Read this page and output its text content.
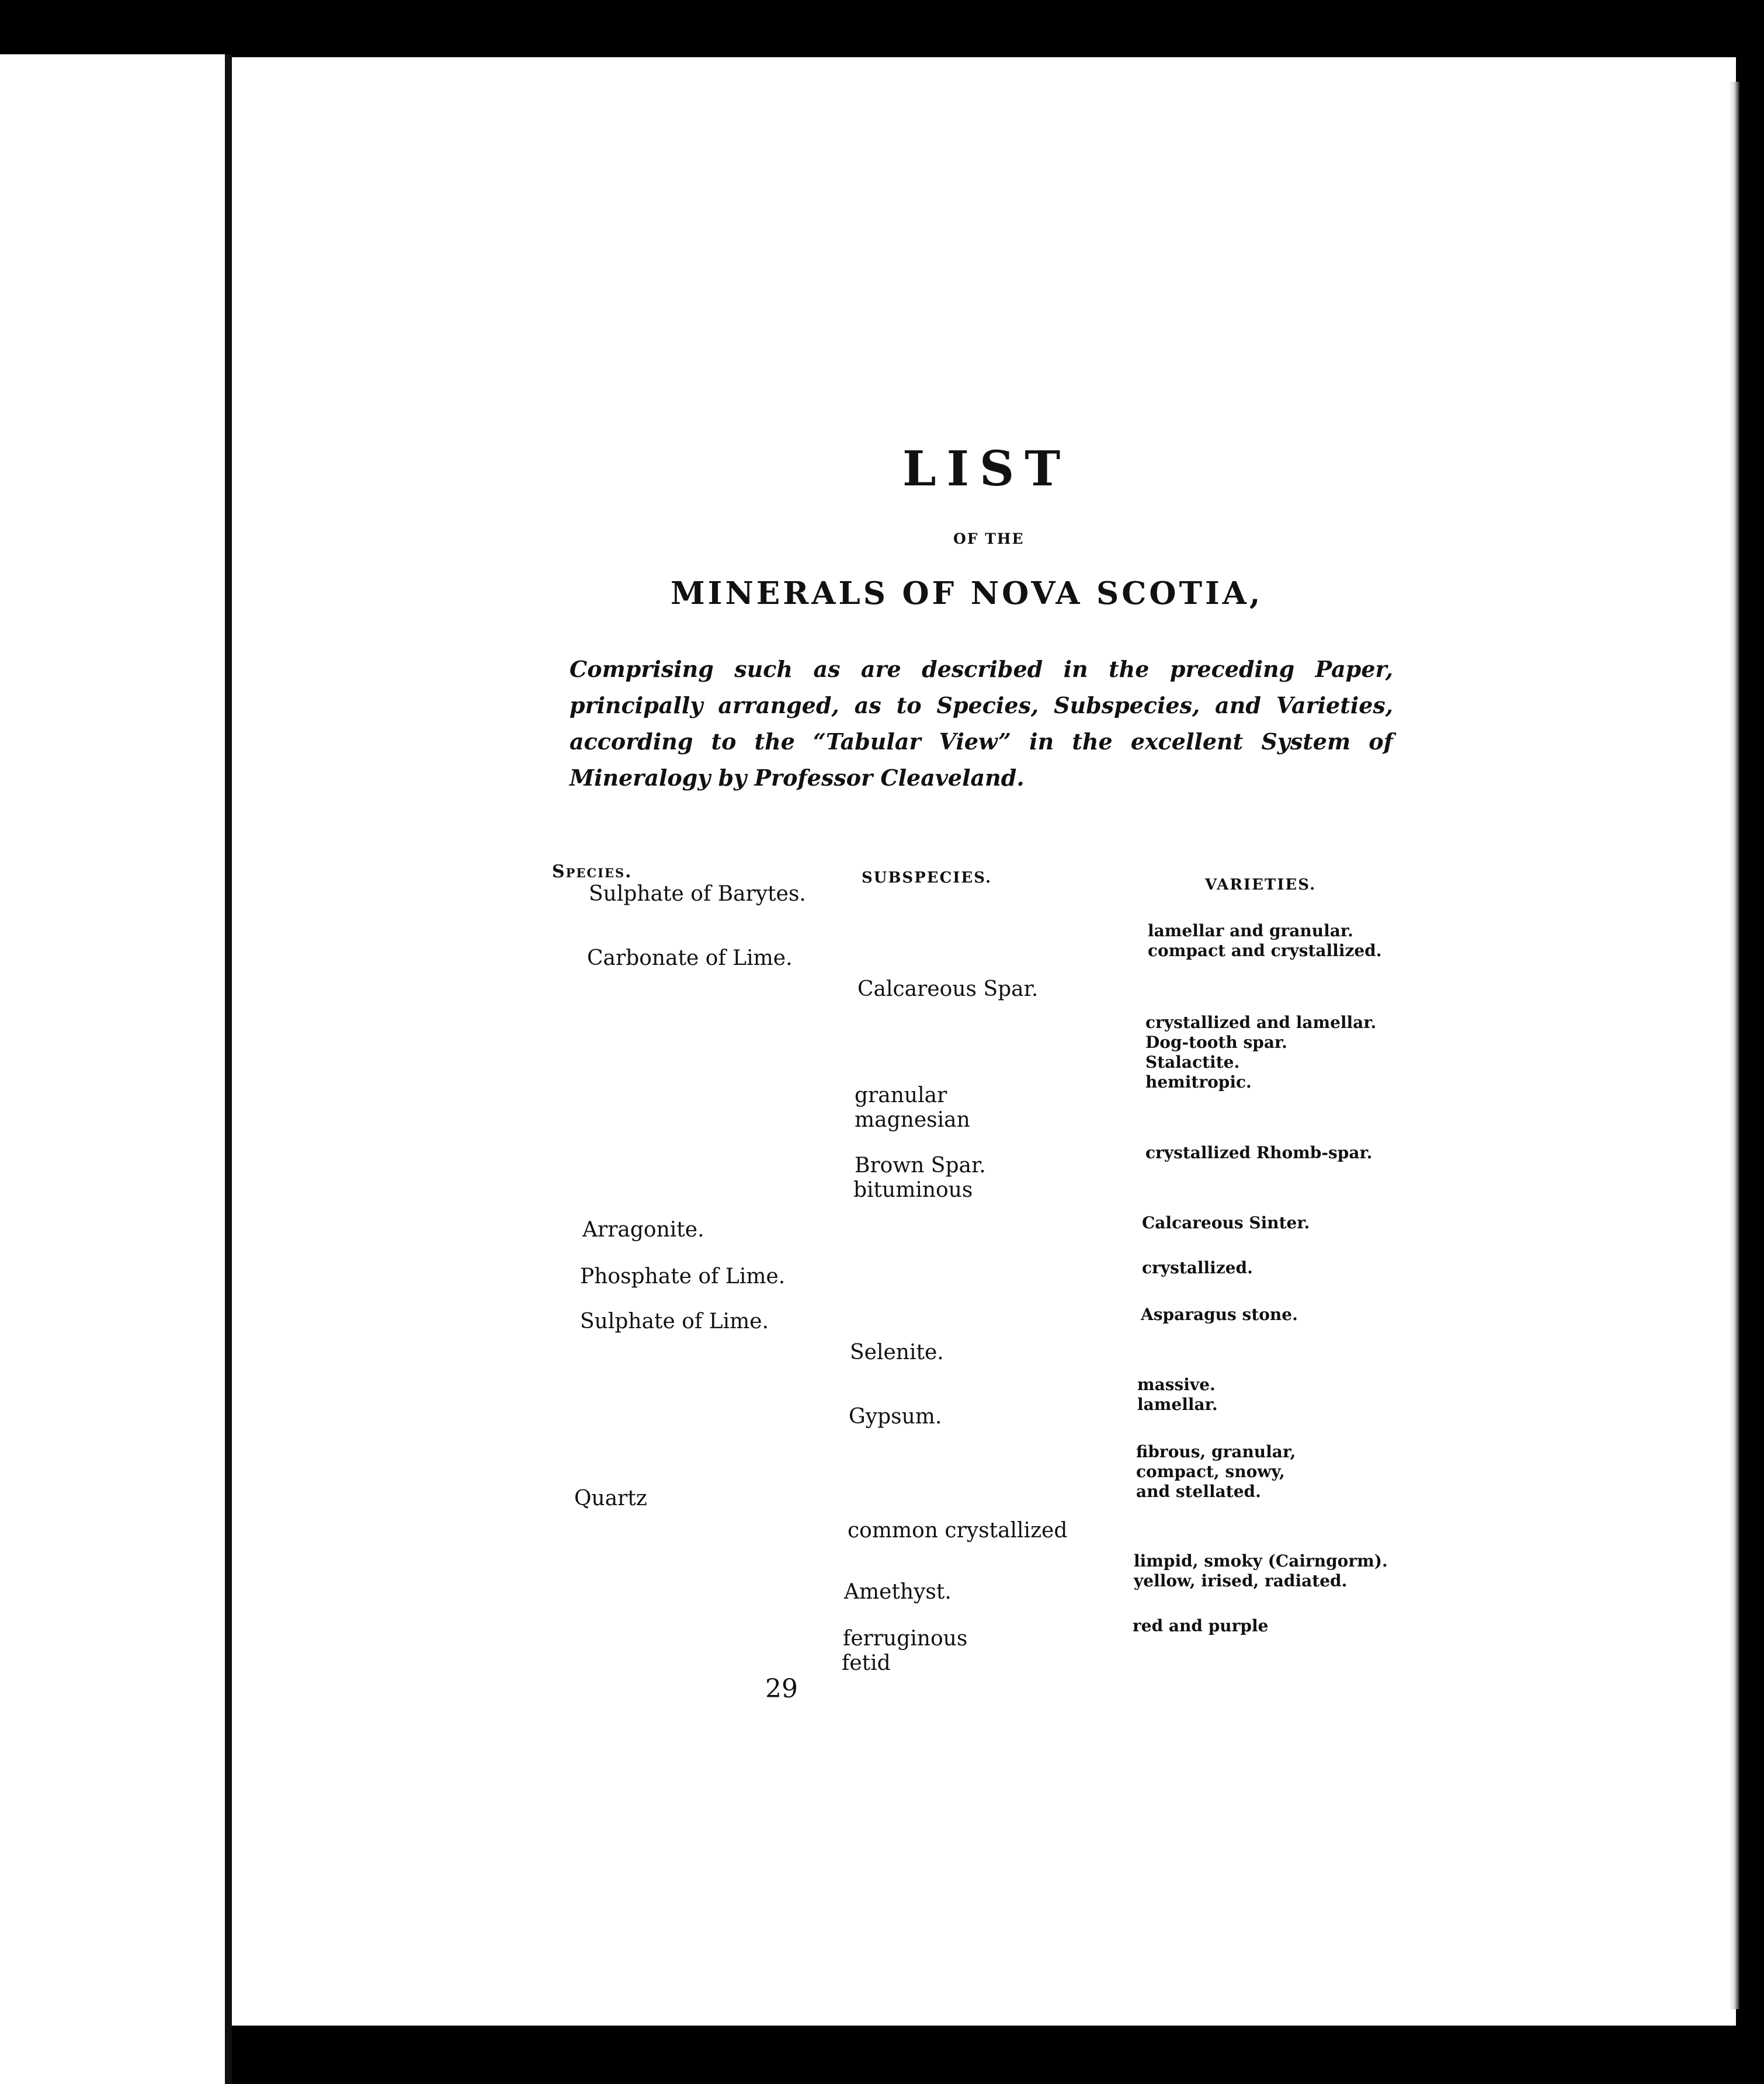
LIST
OF THE
MINERALS OF NOVA SCOTIA,
Comprising such as are described in the preceding Paper, principally arranged, as to Species, Subspecies, and Varieties, according to the “Tabular View” in the excellent System of Mineralogy by Professor Cleaveland.
Species.	SUBSPECIES.	VARIETIES.
Sulphate of Barytes.
Carbonate of Lime.
Arragonite.
Phosphate of Lime.
Sulphate of Lime.
Quartz
Calcareous Spar.
granular
magnesian
Brown Spar.
bituminous
Selenite.
Gypsum.
common crystallized
Amethyst.
ferruginous
fetid
lamellar and granular.
compact and crystallized.
crystallized and lamellar.
Dog-tooth spar.
Stalactite.
hemitropic.
crystallized Rhomb-spar.
Calcareous Sinter.
crystallized.
Asparagus stone.
massive.
lamellar.
fibrous, granular,
compact, snowy,
and stellated.
limpid, smoky (Cairngorm).
yellow, irised, radiated.
red and purple
29
